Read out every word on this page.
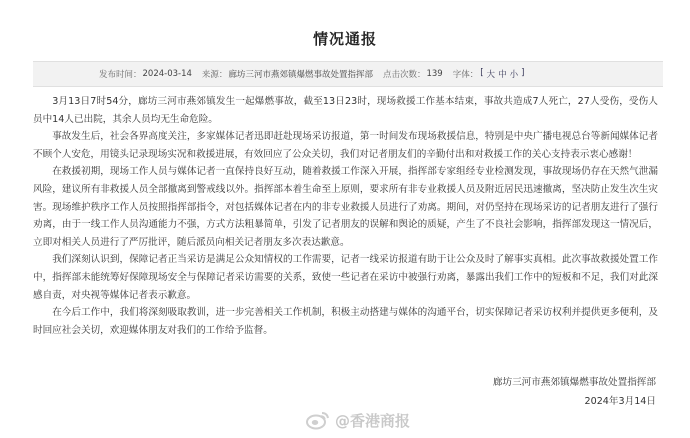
情况通报
发布时间： 2024-03-14 来源： 廊坊三河市燕郊镇爆燃事故处置指挥部 点击次数： 139 字体： [ 大 中 小 ]

3月13日7时54分，廊坊三河市燕郊镇发生一起爆燃事故，截至13日23时，现场救援工作基本结束，事故共造成7人死亡，27人受伤，受伤人员中14人已出院，其余人员均无生命危险。

事故发生后，社会各界高度关注，多家媒体记者迅即赶赴现场采访报道，第一时间发布现场救援信息，特别是中央广播电视总台等新闻媒体记者不顾个人安危，用镜头记录现场实况和救援进展，有效回应了公众关切，我们对记者朋友们的辛勤付出和对救援工作的关心支持表示衷心感谢！

在救援初期，现场工作人员与媒体记者一直保持良好互动，随着救援工作深入开展，指挥部专家组经专业检测发现，事故现场仍存在天然气泄漏风险，建议所有非救援人员全部撤离到警戒线以外。指挥部本着生命至上原则，要求所有非专业救援人员及附近居民迅速撤离，坚决防止发生次生灾害。现场维护秩序工作人员按照指挥部指令，对包括媒体记者在内的非专业救援人员进行了劝离。期间，对仍坚持在现场采访的记者朋友进行了强行劝离，由于一线工作人员沟通能力不强，方式方法粗暴简单，引发了记者朋友的误解和舆论的质疑，产生了不良社会影响，指挥部发现这一情况后，立即对相关人员进行了严厉批评，随后派员向相关记者朋友多次表达歉意。

我们深刻认识到，保障记者正当采访是满足公众知情权的工作需要，记者一线采访报道有助于让公众及时了解事实真相。此次事故救援处置工作中，指挥部未能统筹好保障现场安全与保障记者采访需要的关系，致使一些记者在采访中被强行劝离，暴露出我们工作中的短板和不足，我们对此深感自责，对央视等媒体记者表示歉意。

在今后工作中，我们将深刻吸取教训，进一步完善相关工作机制，积极主动搭建与媒体的沟通平台，切实保障记者采访权利并提供更多便利，及时回应社会关切，欢迎媒体朋友对我们的工作给予监督。

廊坊三河市燕郊镇爆燃事故处置指挥部
2024年3月14日
@香港商报
